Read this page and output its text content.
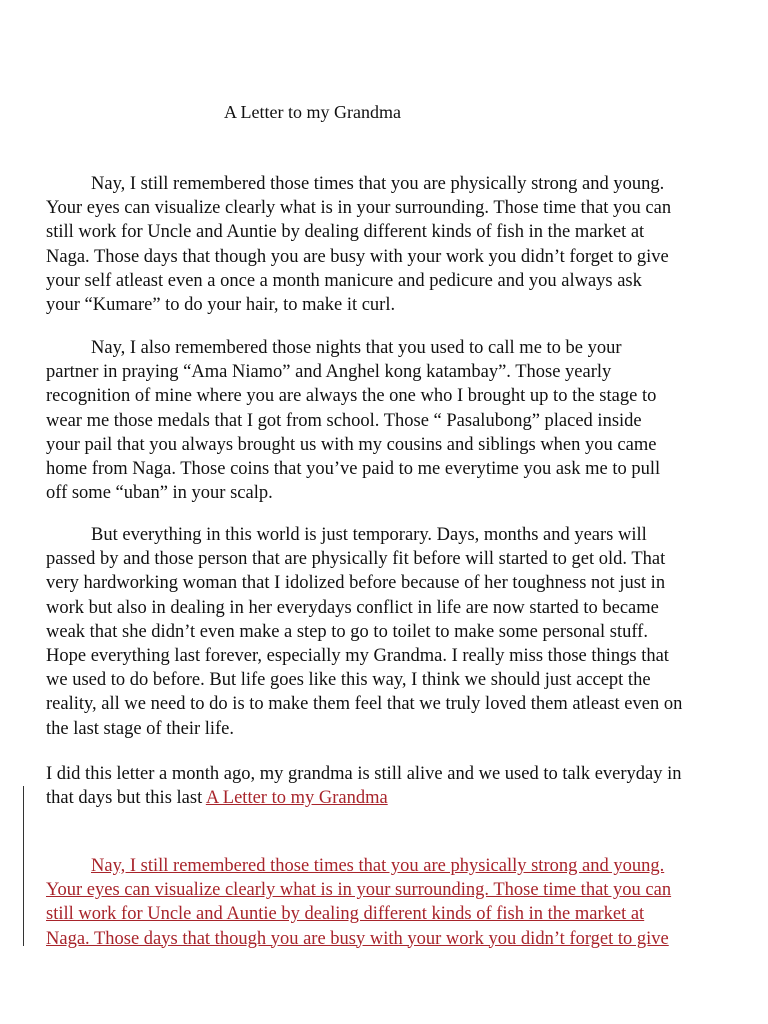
A Letter to my Grandma
Nay, I still remembered those times that you are physically strong and young.
Your eyes can visualize clearly what is in your surrounding. Those time that you can
still work for Uncle and Auntie by dealing different kinds of fish in the market at
Naga. Those days that though you are busy with your work you didn’t forget to give
your self atleast even a once a month manicure and pedicure and you always ask
your “Kumare” to do your hair, to make it curl.
Nay, I also remembered those nights that you used to call me to be your
partner in praying “Ama Niamo” and Anghel kong katambay”. Those yearly
recognition of mine where you are always the one who I brought up to the stage to
wear me those medals that I got from school. Those “ Pasalubong” placed inside
your pail that you always brought us with my cousins and siblings when you came
home from Naga. Those coins that you’ve paid to me everytime you ask me to pull
off some “uban” in your scalp.
But everything in this world is just temporary. Days, months and years will
passed by and those person that are physically fit before will started to get old. That
very hardworking woman that I idolized before because of her toughness not just in
work but also in dealing in her everydays conflict in life are now started to became
weak that she didn’t even make a step to go to toilet to make some personal stuff.
Hope everything last forever, especially my Grandma. I really miss those things that
we used to do before. But life goes like this way, I think we should just accept the
reality, all we need to do is to make them feel that we truly loved them atleast even on
the last stage of their life.
I did this letter a month ago, my grandma is still alive and we used to talk everyday in
that days but this last A Letter to my Grandma
Nay, I still remembered those times that you are physically strong and young.
Your eyes can visualize clearly what is in your surrounding. Those time that you can
still work for Uncle and Auntie by dealing different kinds of fish in the market at
Naga. Those days that though you are busy with your work you didn’t forget to give
